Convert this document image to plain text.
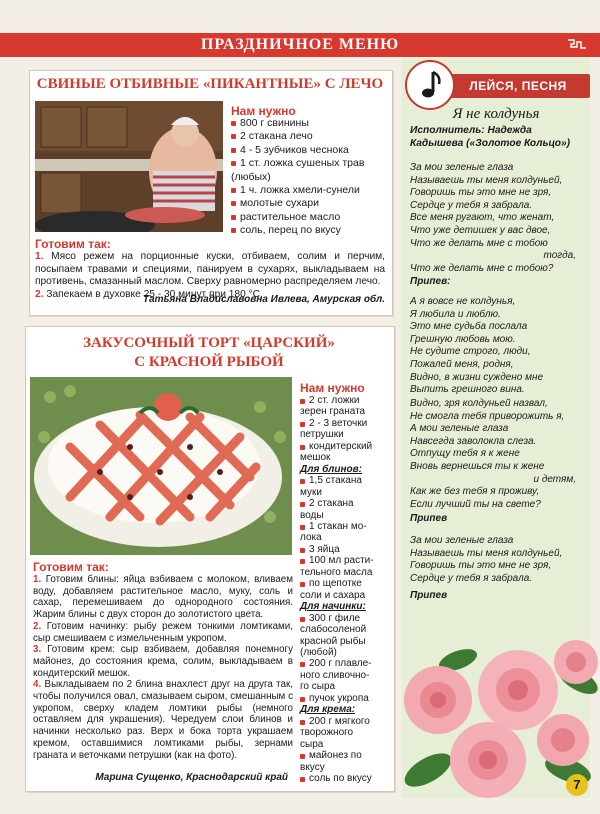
ПРАЗДНИЧНОЕ МЕНЮ
СВИНЫЕ ОТБИВНЫЕ «ПИКАНТНЫЕ» С ЛЕЧО
Нам нужно
800 г свинины
2 стакана лечо
4 - 5 зубчиков чеснока
1 ст. ложка сушеных трав
(любых)
1 ч. ложка хмели-сунели
молотые сухари
растительное масло
соль, перец по вкусу
Готовим так:

1. Мясо режем на порционные куски, отбиваем, солим и перчим, посыпаем травами и специями, панируем в сухарях, выкладываем на противень, смазанный маслом. Сверху равномерно распределяем лечо.

2. Запекаем в духовке 25 - 30 минут при 180 °С.

Татьяна Владиславовна Ивлева, Амурская обл.
ЗАКУСОЧНЫЙ ТОРТ «ЦАРСКИЙ»
С КРАСНОЙ РЫБОЙ
Нам нужно
2 ст. ложки
зерен граната
2 - 3 веточки
петрушки
кондитерский
мешок
Для блинов:
1,5 стакана
муки
2 стакана
воды
1 стакан мо-
лока
3 яйца
100 мл расти-
тельного масла
по щепотке
соли и сахара
Для начинки:
300 г филе
слабосоленой
красной рыбы
(любой)
200 г плавле-
ного сливочно-
го сыра
пучок укропа
Для крема:
200 г мягкого
творожного
сыра
майонез по
вкусу
соль по вкусу
Готовим так:

1. Готовим блины: яйца взбиваем с молоком, вливаем воду, добавляем растительное масло, муку, соль и сахар, перемешиваем до однородного состояния. Жарим блины с двух сторон до золотистого цвета.

2. Готовим начинку: рыбу режем тонкими ломтиками, сыр смешиваем с измельченным укропом.

3. Готовим крем: сыр взбиваем, добавляя понемногу майонез, до состояния крема, солим, выкладываем в кондитерский мешок.

4. Выкладываем по 2 блина внахлест друг на друга так, чтобы получился овал, смазываем сыром, смешанным с укропом, сверху кладем ломтики рыбы (немного оставляем для украшения). Чередуем слои блинов и начинки несколько раз. Верх и бока торта украшаем кремом, оставшимися ломтиками рыбы, зернами граната и веточками петрушки (как на фото).

Марина Сущенко, Краснодарский край
ЛЕЙСЯ, ПЕСНЯ
Я не колдунья
Исполнитель: Надежда Кадышева («Золотое Кольцо»)
За мои зеленые глаза
Называешь ты меня колдуньей,
Говоришь ты это мне не зря,
Сердце у тебя я забрала.
Все меня ругают, что женат,
Что уже детишек у вас двое,
Что же делать мне с тобою
тогда,
Что же делать мне с тобою?
Припев:
А я вовсе не колдунья,
Я любила и люблю.
Это мне судьба послала
Грешную любовь мою.
Не судите строго, люди,
Пожалей меня, родня,
Видно, в жизни сужденo мне
Выпить грешного вина.
Видно, зря колдуньей назвал,
Не смогла тебя приворожить я,
А мои зеленые глаза
Навсегда заволокла слеза.
Отпущу тебя я к жене
Вновь вернешься ты к жене
и детям,
Как же без тебя я проживу,
Если лучший ты на свете?
Припев
За мои зеленые глаза
Называешь ты меня колдуньей,
Говоришь ты это мне не зря,
Сердце у тебя я забрала.
Припев
7
